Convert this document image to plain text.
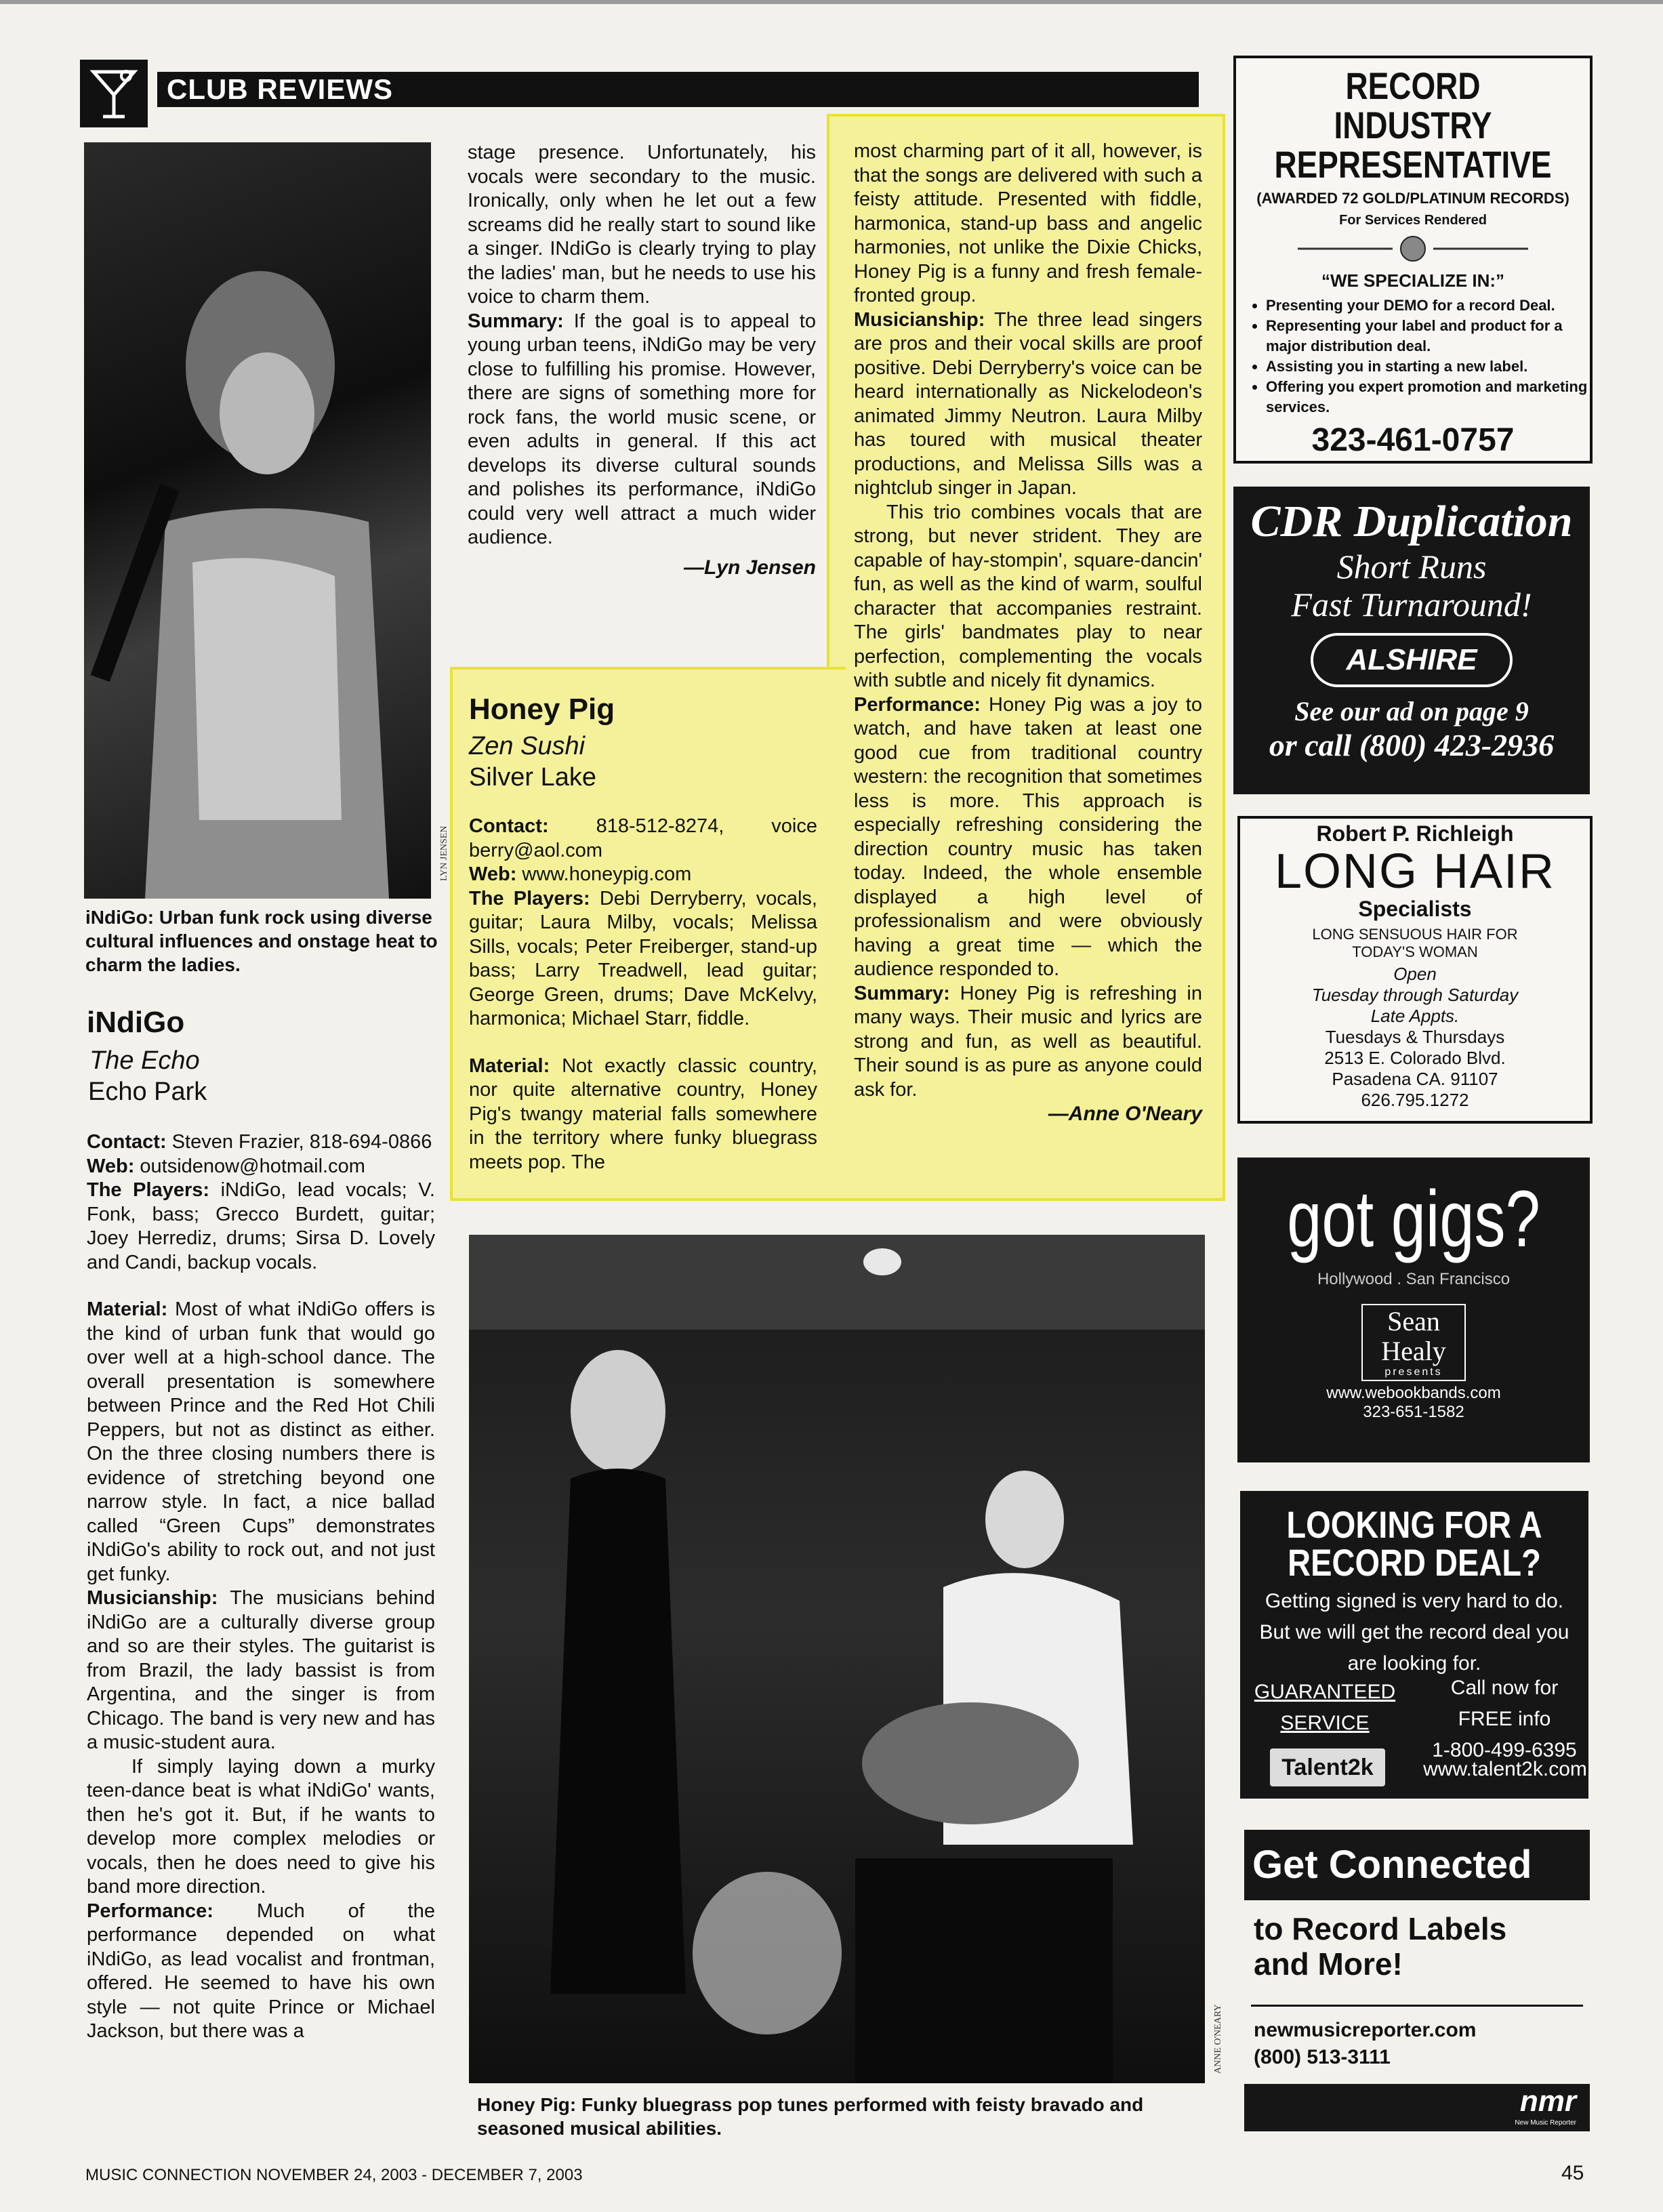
CLUB REVIEWS
LYN JENSEN
iNdiGo: Urban funk rock using diverse cultural influences and onstage heat to charm the ladies.
iNdiGo
The Echo
Echo Park

Contact: Steven Frazier, 818-694-0866

Web: outsidenow@hotmail.com

The Players: iNdiGo, lead vocals; V. Fonk, bass; Grecco Burdett, guitar; Joey Herrediz, drums; Sirsa D. Lovely and Candi, backup vocals.

Material: Most of what iNdiGo offers is the kind of urban funk that would go over well at a high-school dance. The overall presentation is somewhere between Prince and the Red Hot Chili Peppers, but not as distinct as either. On the three closing numbers there is evidence of stretching beyond one narrow style. In fact, a nice ballad called “Green Cups” demonstrates iNdiGo's ability to rock out, and not just get funky.

Musicianship: The musicians behind iNdiGo are a culturally diverse group and so are their styles. The guitarist is from Brazil, the lady bassist is from Argentina, and the singer is from Chicago. The band is very new and has a music-student aura.

If simply laying down a murky teen-dance beat is what iNdiGo' wants, then he's got it. But, if he wants to develop more complex melodies or vocals, then he does need to give his band more direction.

Performance: Much of the performance depended on what iNdiGo, as lead vocalist and frontman, offered. He seemed to have his own style — not quite Prince or Michael Jackson, but there was a

stage presence. Unfortunately, his vocals were secondary to the music. Ironically, only when he let out a few screams did he really start to sound like a singer. INdiGo is clearly trying to play the ladies' man, but he needs to use his voice to charm them.

Summary: If the goal is to appeal to young urban teens, iNdiGo may be very close to fulfilling his promise. However, there are signs of something more for rock fans, the world music scene, or even adults in general. If this act develops its diverse cultural sounds and polishes its performance, iNdiGo could very well attract a much wider audience.

—Lyn Jensen

Honey Pig
Zen Sushi
Silver Lake

Contact: 818-512-8274, voice berry@aol.com

Web: www.honeypig.com

The Players: Debi Derryberry, vocals, guitar; Laura Milby, vocals; Melissa Sills, vocals; Peter Freiberger, stand-up bass; Larry Treadwell, lead guitar; George Green, drums; Dave McKelvy, harmonica; Michael Starr, fiddle.

Material: Not exactly classic country, nor quite alternative country, Honey Pig's twangy material falls somewhere in the territory where funky bluegrass meets pop. The

most charming part of it all, however, is that the songs are delivered with such a feisty attitude. Presented with fiddle, harmonica, stand-up bass and angelic harmonies, not unlike the Dixie Chicks, Honey Pig is a funny and fresh female-fronted group.

Musicianship: The three lead singers are pros and their vocal skills are proof positive. Debi Derryberry's voice can be heard internationally as Nickelodeon's animated Jimmy Neutron. Laura Milby has toured with musical theater productions, and Melissa Sills was a nightclub singer in Japan.

This trio combines vocals that are strong, but never strident. They are capable of hay-stompin', square-dancin' fun, as well as the kind of warm, soulful character that accompanies restraint. The girls' bandmates play to near perfection, complementing the vocals with subtle and nicely fit dynamics.

Performance: Honey Pig was a joy to watch, and have taken at least one good cue from traditional country western: the recognition that sometimes less is more. This approach is especially refreshing considering the direction country music has taken today. Indeed, the whole ensemble displayed a high level of professionalism and were obviously having a great time — which the audience responded to.

Summary: Honey Pig is refreshing in many ways. Their music and lyrics are strong and fun, as well as beautiful. Their sound is as pure as anyone could ask for.

—Anne O'Neary

ANNE O'NEARY
Honey Pig: Funky bluegrass pop tunes performed with feisty bravado and seasoned musical abilities.
RECORD INDUSTRY
REPRESENTATIVE
(AWARDED 72 GOLD/PLATINUM RECORDS)
For Services Rendered
“WE SPECIALIZE IN:”
• Presenting your DEMO for a record Deal.
• Representing your label and product for a major distribution deal.
• Assisting you in starting a new label.
• Offering you expert promotion and marketing services.
323-461-0757
CDR Duplication
Short Runs
Fast Turnaround!
ALSHIRE
See our ad on page 9
or call (800) 423-2936
Robert P. Richleigh
LONG HAIR
Specialists
LONG SENSUOUS HAIR FOR
TODAY'S WOMAN
Open
Tuesday through Saturday
Late Appts.
Tuesdays & Thursdays
2513 E. Colorado Blvd.
Pasadena CA. 91107
626.795.1272
got gigs?
Hollywood . San Francisco
Sean Healy
presents
www.webookbands.com
323-651-1582
LOOKING FOR A
RECORD DEAL?
Getting signed is very hard to do.
But we will get the record deal you
are looking for.
GUARANTEED
SERVICE
Call now for
FREE info
1-800-499-6395
Talent2k	www.talent2k.com
Get Connected
to Record Labels
and More!
newmusicreporter.com
(800) 513-3111
nmr
New Music Reporter
MUSIC CONNECTION NOVEMBER 24, 2003 - DECEMBER 7, 2003	45
